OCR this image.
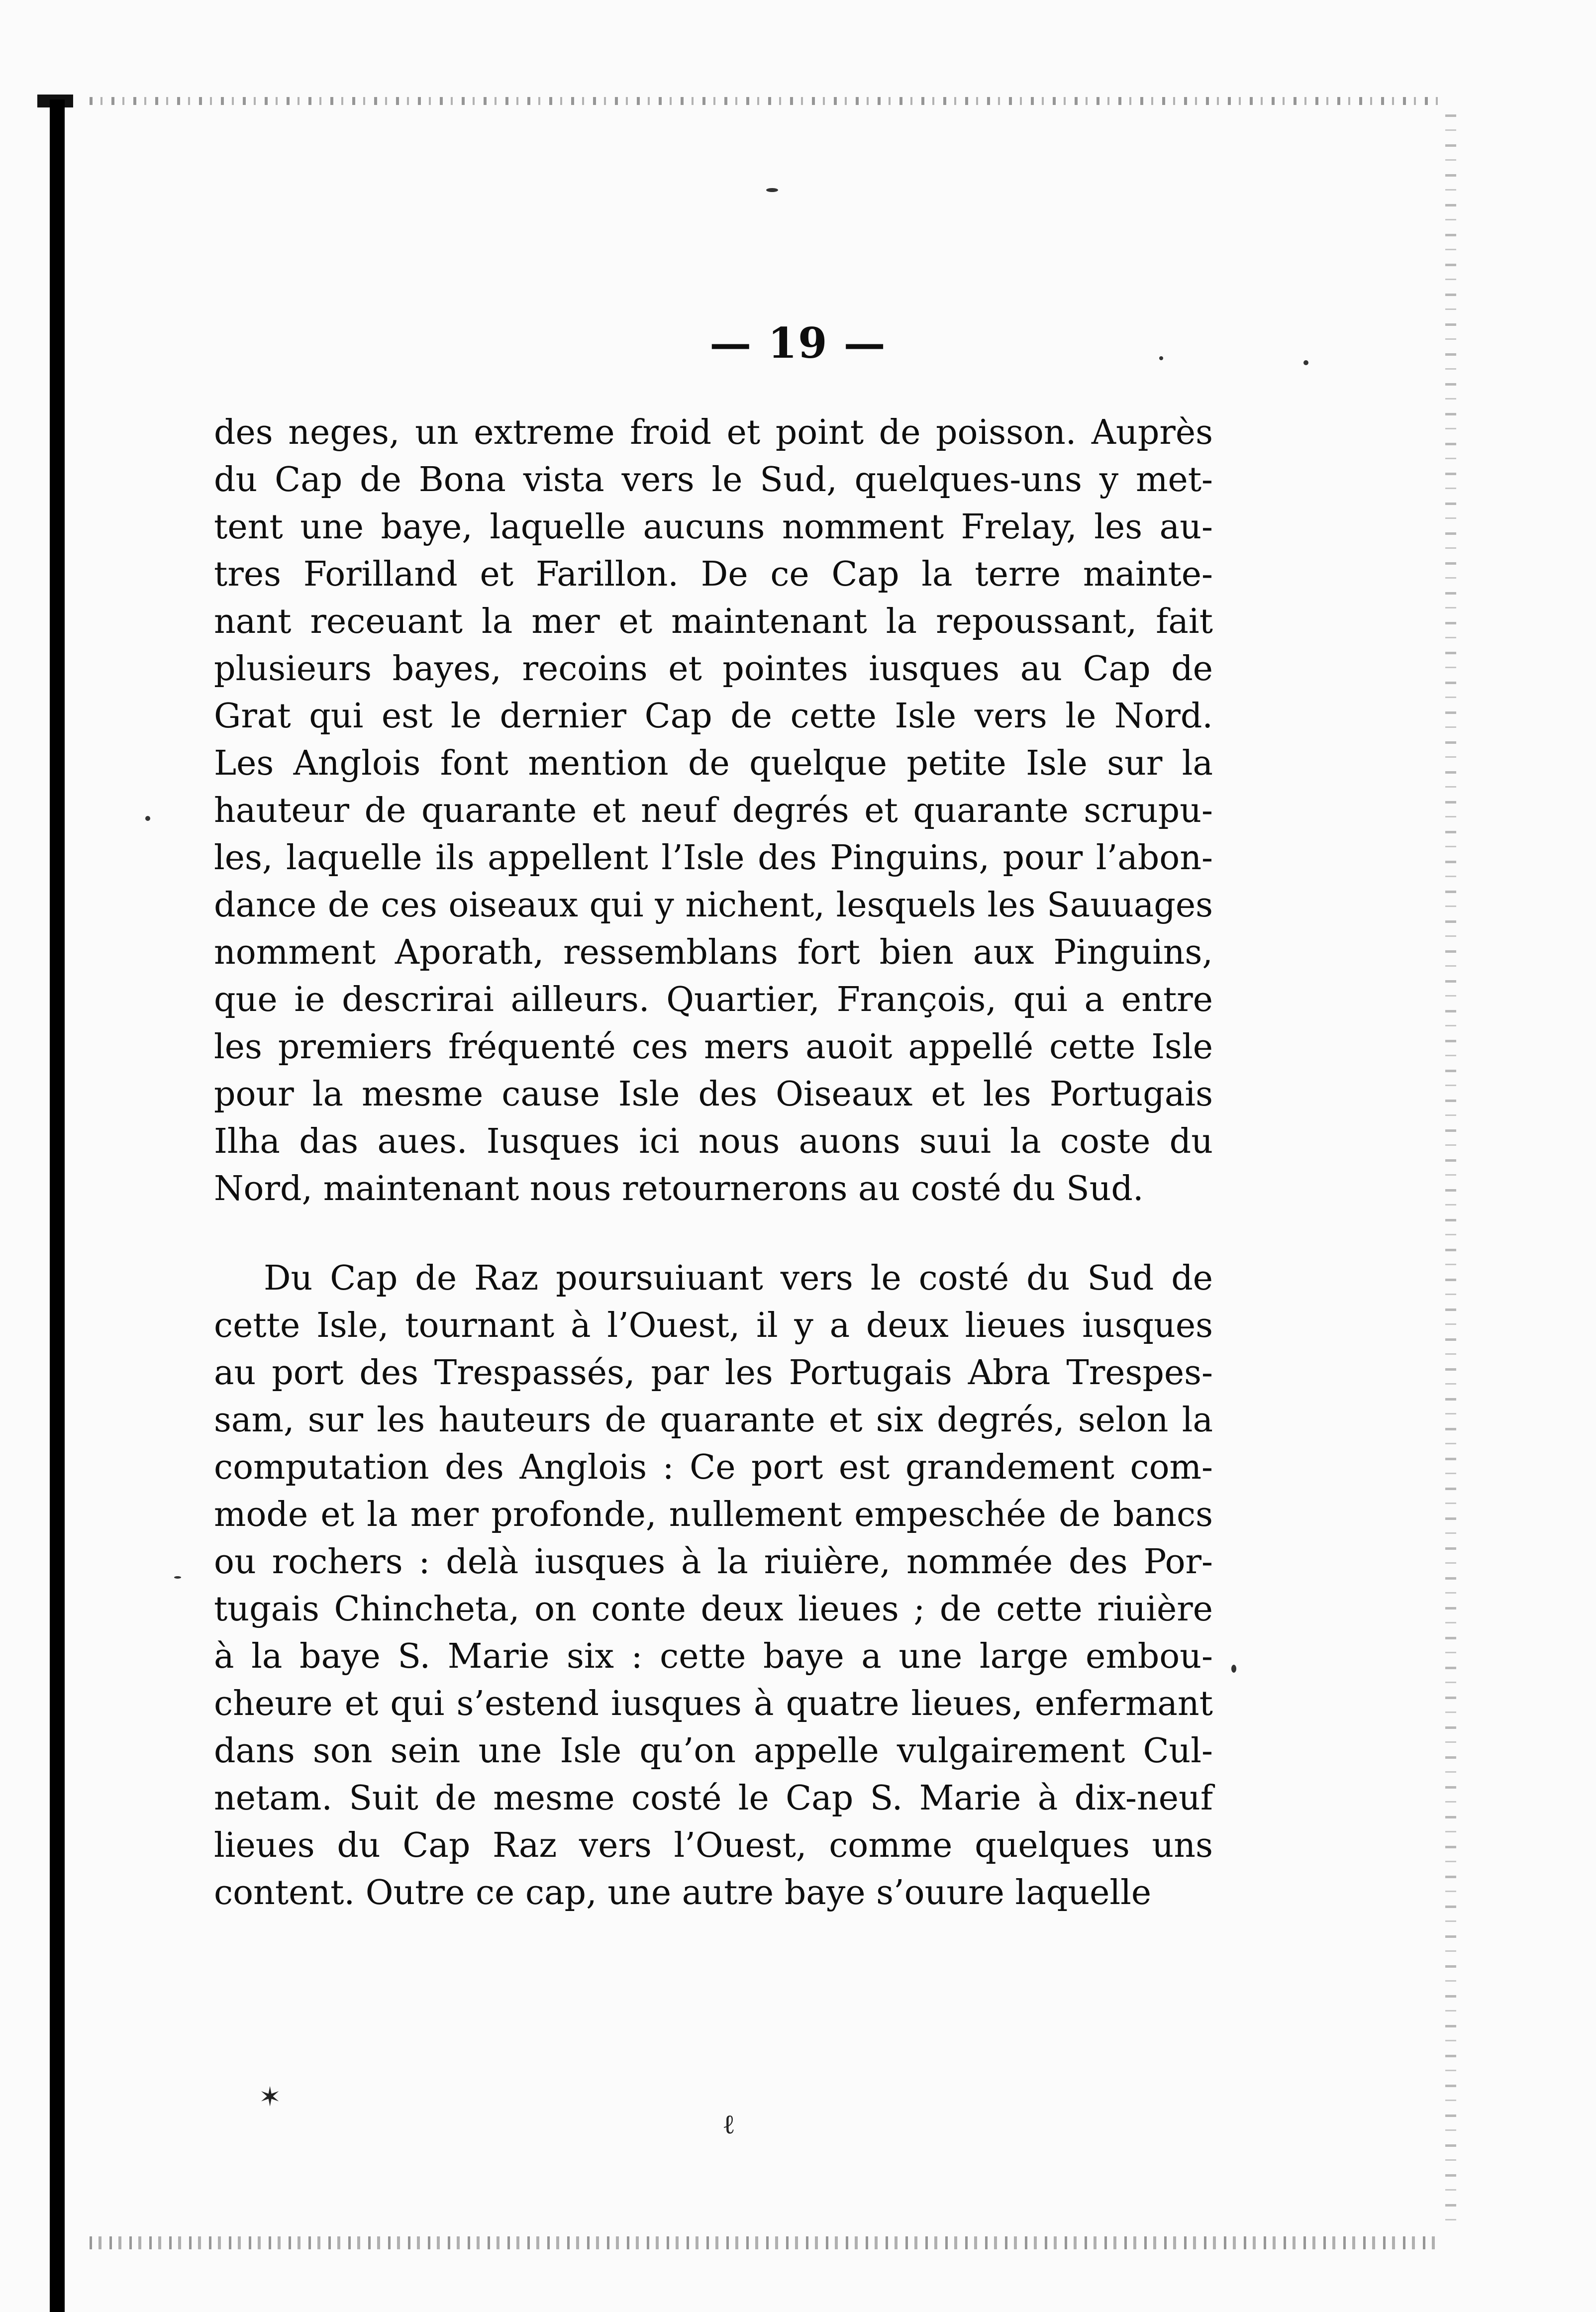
✶
ℓ
— 19 —

des neges, un extreme froid et point de poisson. Auprès
du Cap de Bona vista vers le Sud, quelques-uns y met-
tent une baye, laquelle aucuns nomment Frelay, les au-
tres Forilland et Farillon. De ce Cap la terre mainte-
nant receuant la mer et maintenant la repoussant, fait
plusieurs bayes, recoins et pointes iusques au Cap de
Grat qui est le dernier Cap de cette Isle vers le Nord.
Les Anglois font mention de quelque petite Isle sur la
hauteur de quarante et neuf degrés et quarante scrupu-
les, laquelle ils appellent l’Isle des Pinguins, pour l’abon-
dance de ces oiseaux qui y nichent, lesquels les Sauuages
nomment Aporath, ressemblans fort bien aux Pinguins,
que ie descrirai ailleurs. Quartier, François, qui a entre
les premiers fréquenté ces mers auoit appellé cette Isle
pour la mesme cause Isle des Oiseaux et les Portugais
Ilha das aues. Iusques ici nous auons suui la coste du
Nord, maintenant nous retournerons au costé du Sud.

Du Cap de Raz poursuiuant vers le costé du Sud de
cette Isle, tournant à l’Ouest, il y a deux lieues iusques
au port des Trespassés, par les Portugais Abra Trespes-
sam, sur les hauteurs de quarante et six degrés, selon la
computation des Anglois : Ce port est grandement com-
mode et la mer profonde, nullement empeschée de bancs
ou rochers : delà iusques à la riuière, nommée des Por-
tugais Chincheta, on conte deux lieues ; de cette riuière
à la baye S. Marie six : cette baye a une large embou-
cheure et qui s’estend iusques à quatre lieues, enfermant
dans son sein une Isle qu’on appelle vulgairement Cul-
netam. Suit de mesme costé le Cap S. Marie à dix-neuf
lieues du Cap Raz vers l’Ouest, comme quelques uns
content. Outre ce cap, une autre baye s’ouure laquelle
